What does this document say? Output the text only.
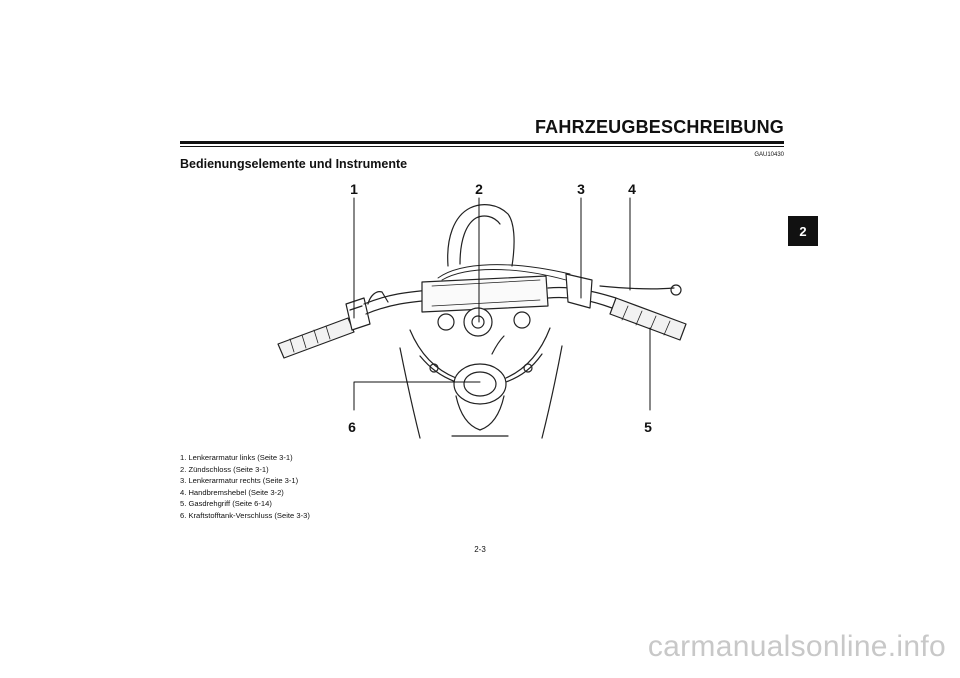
FAHRZEUGBESCHREIBUNG
2
GAU10430
Bedienungselemente und Instrumente
1	2	3	4
5
6
1. Lenkerarmatur links (Seite 3-1)
2. Zündschloss (Seite 3-1)
3. Lenkerarmatur rechts (Seite 3-1)
4. Handbremshebel (Seite 3-2)
5. Gasdrehgriff (Seite 6-14)
6. Kraftstofftank-Verschluss (Seite 3-3)
2-3
carmanualsonline.info
